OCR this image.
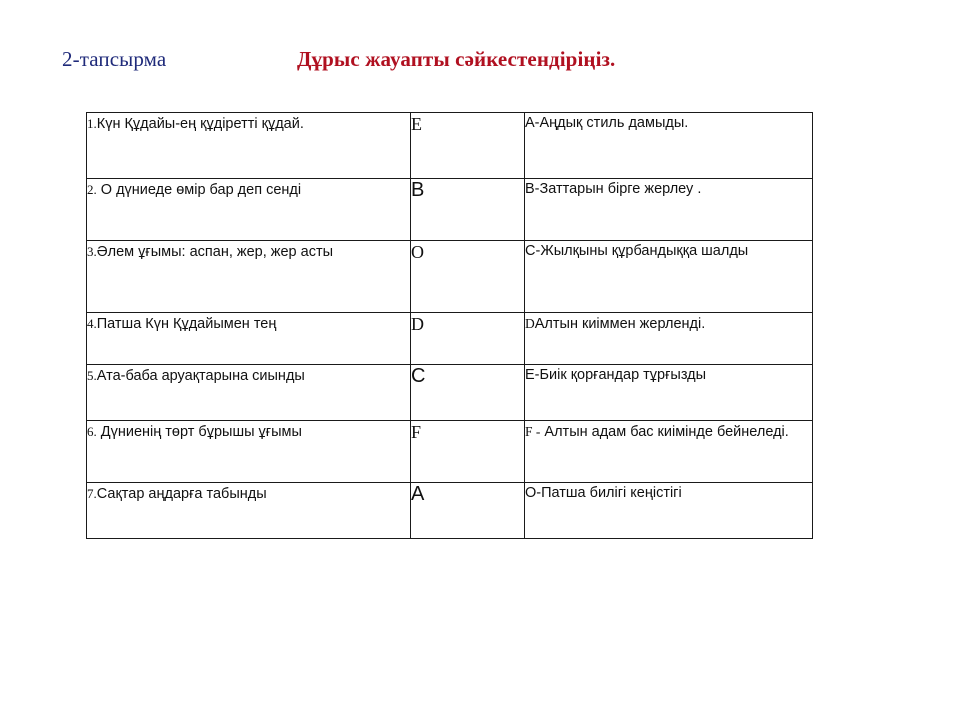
2-тапсырма	Дұрыс жауапты сәйкестендіріңіз.
1.Күн Құдайы-ең құдіретті құдай.	E	A-Аңдық стиль дамыды.
2. О дүниеде өмір бар деп сенді	B	B-Заттарын бірге жерлеу .
3.Әлем ұғымы: аспан, жер, жер асты	O	C-Жылқыны құрбандыққа шалды
4.Патша Күн Құдайымен тең	D	DАлтын киіммен жерленді.
5.Ата-баба аруақтарына сиынды	C	E-Биік қорғандар тұрғызды
6. Дүниенің төрт бұрышы ұғымы	F	F - Алтын адам бас киімінде бейнеледі.
7.Сақтар аңдарға табынды	A	O-Патша билігі кеңістігі
